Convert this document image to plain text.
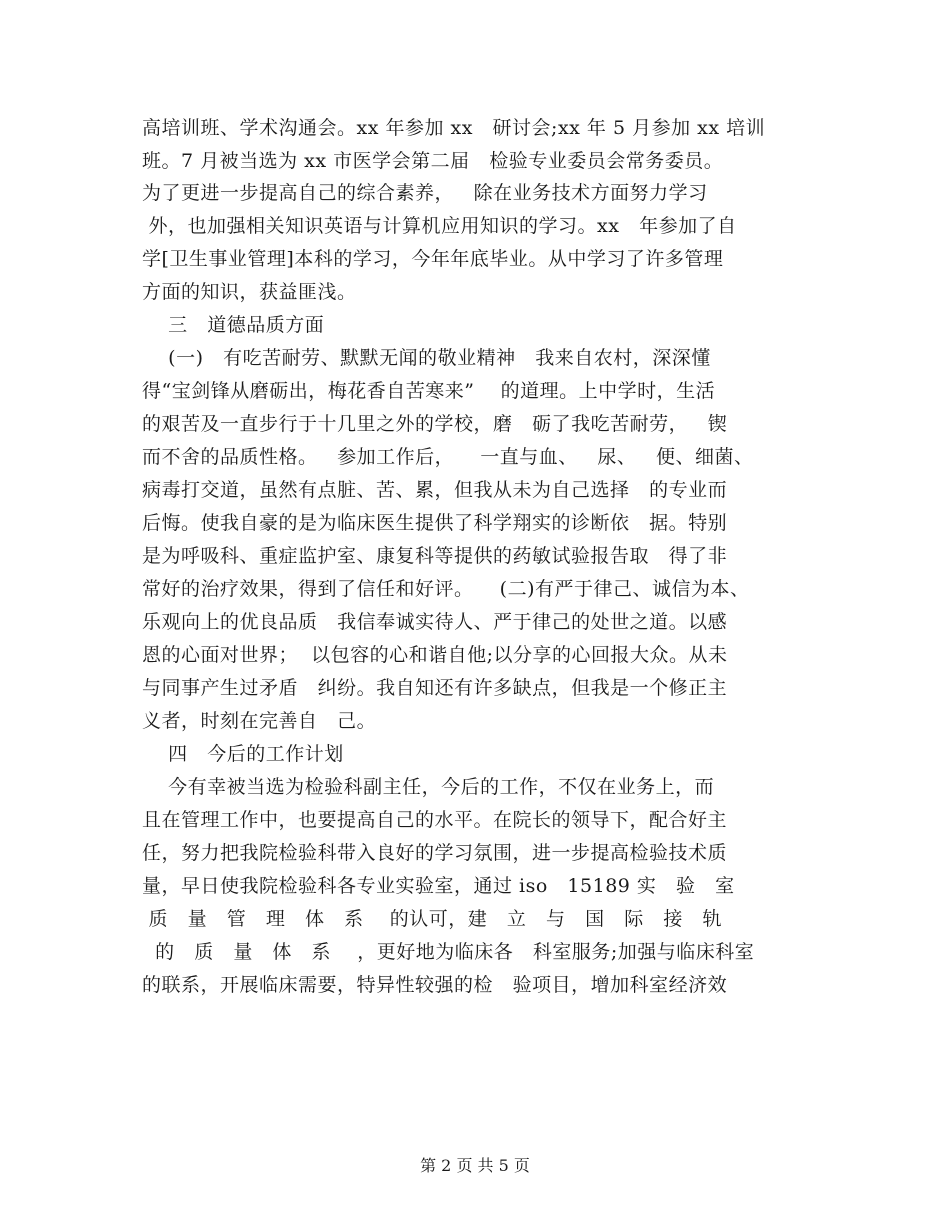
高培训班、学术沟通会。xx 年参加 xx   研讨会;xx 年 5 月参加 xx 培训
班。7 月被当选为 xx 市医学会第二届   检验专业委员会常务委员。
为了更进一步提高自己的综合素养，   除在业务技术方面努力学习
外，也加强相关知识英语与计算机应用知识的学习。xx   年参加了自
学[卫生事业管理]本科的学习，今年年底毕业。从中学习了许多管理
方面的知识，获益匪浅。
三   道德品质方面
(一)   有吃苦耐劳、默默无闻的敬业精神   我来自农村，深深懂
得“宝剑锋从磨砺出，梅花香自苦寒来”    的道理。上中学时，生活
的艰苦及一直步行于十几里之外的学校，磨   砺了我吃苦耐劳，   锲
而不舍的品质性格。   参加工作后，    一直与血、   尿、   便、细菌、
病毒打交道，虽然有点脏、苦、累，但我从未为自己选择   的专业而
后悔。使我自豪的是为临床医生提供了科学翔实的诊断依   据。特别
是为呼吸科、重症监护室、康复科等提供的药敏试验报告取   得了非
常好的治疗效果，得到了信任和好评。    (二)有严于律己、诚信为本、
乐观向上的优良品质   我信奉诚实待人、严于律己的处世之道。以感
恩的心面对世界；  以包容的心和谐自他;以分享的心回报大众。从未
与同事产生过矛盾   纠纷。我自知还有许多缺点，但我是一个修正主
义者，时刻在完善自   己。
四   今后的工作计划
今有幸被当选为检验科副主任，今后的工作，不仅在业务上，而
且在管理工作中，也要提高自己的水平。在院长的领导下，配合好主
任，努力把我院检验科带入良好的学习氛围，进一步提高检验技术质
量，早日使我院检验科各专业实验室，通过 iso   15189 实   验   室
质   量   管   理   体   系    的认可，建   立   与   国   际   接   轨
的   质   量   体   系    ，更好地为临床各   科室服务;加强与临床科室
的联系，开展临床需要，特异性较强的检   验项目，增加科室经济效
第 2 页 共 5 页
